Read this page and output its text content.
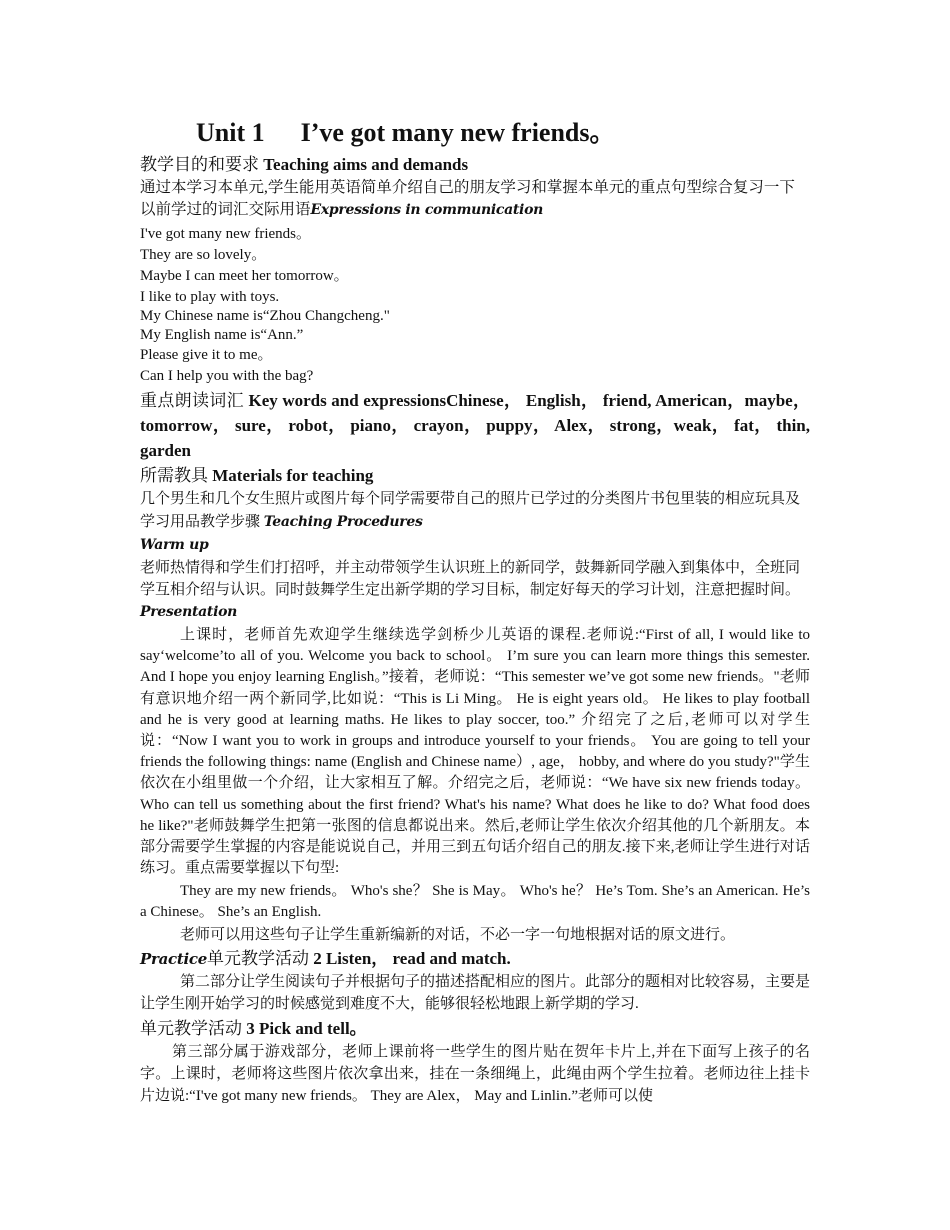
Unit 1 I’ve got many new friends。

教学目的和要求 Teaching aims and demands

通过本学习本单元,学生能用英语简单介绍自己的朋友学习和掌握本单元的重点句型综合复习一下以前学过的词汇交际用语Expressions in communication

I've got many new friends。

They are so lovely。

Maybe I can meet her tomorrow。

I like to play with toys.

My Chinese name is“Zhou Changcheng."

My English name is“Ann.”

Please give it to me。

Can I help you with the bag?

重点朗读词汇 Key words and expressionsChinese， English， friend, American，maybe， tomorrow， sure， robot， piano， crayon， puppy， Alex， strong，weak， fat， thin, garden

所需教具 Materials for teaching

几个男生和几个女生照片或图片每个同学需要带自己的照片已学过的分类图片书包里装的相应玩具及学习用品教学步骤 Teaching Procedures

Warm up

老师热情得和学生们打招呼，并主动带领学生认识班上的新同学，鼓舞新同学融入到集体中，全班同学互相介绍与认识。同时鼓舞学生定出新学期的学习目标，制定好每天的学习计划，注意把握时间。Presentation

上课时，老师首先欢迎学生继续选学剑桥少儿英语的课程.老师说:“First of all, I would like to say‘welcome’to all of you. Welcome you back to school。 I’m sure you can learn more things this semester. And I hope you enjoy learning English。”接着，老师说：“This semester we’ve got some new friends。"老师有意识地介绍一两个新同学,比如说：“This is Li Ming。 He is eight years old。 He likes to play football and he is very good at learning maths. He likes to play soccer, too.” 介绍完了之后,老师可以对学生说：“Now I want you to work in groups and introduce yourself to your friends。 You are going to tell your friends the following things: name (English and Chinese name）, age， hobby, and where do you study?"学生依次在小组里做一个介绍，让大家相互了解。介绍完之后，老师说：“We have six new friends today。 Who can tell us something about the first friend? What's his name? What does he like to do? What food does he like?"老师鼓舞学生把第一张图的信息都说出来。然后,老师让学生依次介绍其他的几个新朋友。本部分需要学生掌握的内容是能说说自己，并用三到五句话介绍自己的朋友.接下来,老师让学生进行对话练习。重点需要掌握以下句型:

They are my new friends。 Who's she？ She is May。 Who's he？ He’s Tom. She’s an American. He’s a Chinese。 She’s an English.

老师可以用这些句子让学生重新编新的对话，不必一字一句地根据对话的原文进行。

Practice单元教学活动 2 Listen， read and match.

第二部分让学生阅读句子并根据句子的描述搭配相应的图片。此部分的题相对比较容易，主要是让学生刚开始学习的时候感觉到难度不大，能够很轻松地跟上新学期的学习.

单元教学活动 3 Pick and tell。

第三部分属于游戏部分，老师上课前将一些学生的图片贴在贺年卡片上,并在下面写上孩子的名字。上课时，老师将这些图片依次拿出来，挂在一条细绳上，此绳由两个学生拉着。老师边往上挂卡片边说:“I've got many new friends。 They are Alex， May and Linlin.”老师可以使
